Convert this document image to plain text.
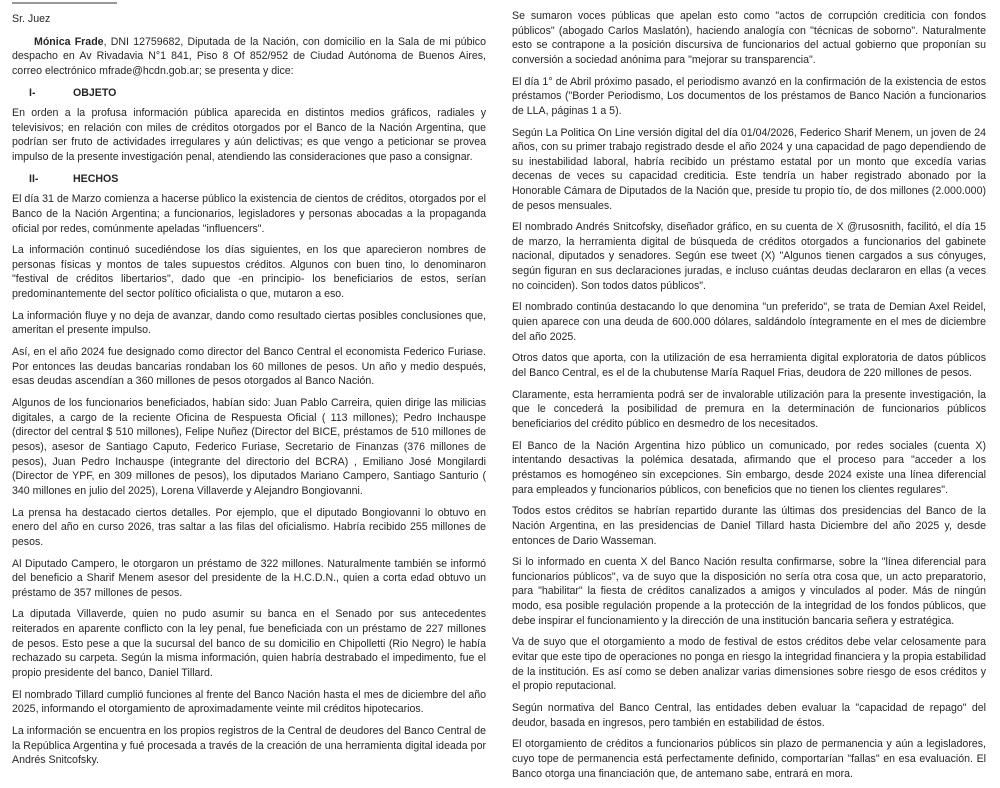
Sr. Juez

Mónica Frade, DNI 12759682, Diputada de la Nación, con domicilio en la Sala de mi púbico despacho en Av Rivadavia N°1 841, Piso 8 Of 852/952 de Ciudad Autónoma de Buenos Aires, correo electrónico mfrade@hcdn.gob.ar; se presenta y dice:

I-	OBJETO

En orden a la profusa información pública aparecida en distintos medios gráficos, radiales y televisivos; en relación con miles de créditos otorgados por el Banco de la Nación Argentina, que podrían ser fruto de actividades irregulares y aún delictivas; es que vengo a peticionar se provea impulso de la presente investigación penal, atendiendo las consideraciones que paso a consignar.

II-	HECHOS

El día 31 de Marzo comienza a hacerse público la existencia de cientos de créditos, otorgados por el Banco de la Nación Argentina; a funcionarios, legisladores y personas abocadas a la propaganda oficial por redes, comúnmente apeladas "influencers".

La información continuó sucediéndose los días siguientes, en los que aparecieron nombres de personas físicas y montos de tales supuestos créditos. Algunos con buen tino, lo denominaron "festival de créditos libertarios", dado que -en principio- los beneficiarios de estos, serían predominantemente del sector político oficialista o que, mutaron a eso.

La información fluye y no deja de avanzar, dando como resultado ciertas posibles conclusiones que, ameritan el presente impulso.

Así, en el año 2024 fue designado como director del Banco Central el economista Federico Furiase. Por entonces las deudas bancarias rondaban los 60 millones de pesos. Un año y medio después, esas deudas ascendían a 360 millones de pesos otorgados al Banco Nación.

Algunos de los funcionarios beneficiados, habían sido: Juan Pablo Carreira, quien dirige las milicias digitales, a cargo de la reciente Oficina de Respuesta Oficial ( 113 millones); Pedro Inchauspe (director del central $ 510 millones), Felipe Nuñez (Director del BICE, préstamos de 510 millones de pesos), asesor de Santiago Caputo, Federico Furiase, Secretario de Finanzas (376 millones de pesos), Juan Pedro Inchauspe (integrante del directorio del BCRA) , Emiliano José Mongilardi (Director de YPF, en 309 millones de pesos), los diputados Mariano Campero, Santiago Santurio ( 340 millones en julio del 2025), Lorena Villaverde y Alejandro Bongiovanni.

La prensa ha destacado ciertos detalles. Por ejemplo, que el diputado Bongiovanni lo obtuvo en enero del año en curso 2026, tras saltar a las filas del oficialismo. Habría recibido 255 millones de pesos.

Al Diputado Campero, le otorgaron un préstamo de 322 millones. Naturalmente también se informó del beneficio a Sharif Menem asesor del presidente de la H.C.D.N., quien a corta edad obtuvo un préstamo de 357 millones de pesos.

La diputada Villaverde, quien no pudo asumir su banca en el Senado por sus antecedentes reiterados en aparente conflicto con la ley penal, fue beneficiada con un préstamo de 227 millones de pesos. Esto pese a que la sucursal del banco de su domicilio en Chipolletti (Rio Negro) le había rechazado su carpeta. Según la misma información, quien habría destrabado el impedimento, fue el propio presidente del banco, Daniel Tillard.

El nombrado Tillard cumplió funciones al frente del Banco Nación hasta el mes de diciembre del año 2025, informando el otorgamiento de aproximadamente veinte mil créditos hipotecarios.

La información se encuentra en los propios registros de la Central de deudores del Banco Central de la República Argentina y fué procesada a través de la creación de una herramienta digital ideada por Andrés Snitcofsky.

Se sumaron voces públicas que apelan esto como "actos de corrupción crediticia con fondos públicos" (abogado Carlos Maslatón), haciendo analogía con "técnicas de soborno". Naturalmente esto se contrapone a la posición discursiva de funcionarios del actual gobierno que proponían su conversión a sociedad anónima para "mejorar su transparencia".

El día 1° de Abril próximo pasado, el periodismo avanzó en la confirmación de la existencia de estos préstamos ("Border Periodismo, Los documentos de los préstamos de Banco Nación a funcionarios de LLA, páginas 1 a 5).

Según La Politica On Line versión digital del día 01/04/2026, Federico Sharif Menem, un joven de 24 años, con su primer trabajo registrado desde el año 2024 y una capacidad de pago dependiendo de su inestabilidad laboral, habría recibido un préstamo estatal por un monto que excedía varias decenas de veces su capacidad crediticia. Este tendría un haber registrado abonado por la Honorable Cámara de Diputados de la Nación que, preside tu propio tío, de dos millones (2.000.000) de pesos mensuales.

El nombrado Andrés Snitcofsky, diseñador gráfico, en su cuenta de X @rusosnith, facilitó, el día 15 de marzo, la herramienta digital de búsqueda de créditos otorgados a funcionarios del gabinete nacional, diputados y senadores. Según ese tweet (X) "Algunos tienen cargados a sus cónyuges, según figuran en sus declaraciones juradas, e incluso cuántas deudas declararon en ellas (a veces no coinciden). Son todos datos públicos".

El nombrado continúa destacando lo que denomina "un preferido", se trata de Demian Axel Reidel, quien aparece con una deuda de 600.000 dólares, saldándolo íntegramente en el mes de diciembre del año 2025.

Otros datos que aporta, con la utilización de esa herramienta digital exploratoria de datos públicos del Banco Central, es el de la chubutense María Raquel Frias, deudora de 220 millones de pesos.

Claramente, esta herramienta podrá ser de invalorable utilización para la presente investigación, la que le concederá la posibilidad de premura en la determinación de funcionarios públicos beneficiarios del crédito público en desmedro de los necesitados.

El Banco de la Nación Argentina hizo público un comunicado, por redes sociales (cuenta X) intentando desactivas la polémica desatada, afirmando que el proceso para "acceder a los préstamos es homogéneo sin excepciones. Sin embargo, desde 2024 existe una línea diferencial para empleados y funcionarios públicos, con beneficios que no tienen los clientes regulares".

Todos estos créditos se habrían repartido durante las últimas dos presidencias del Banco de la Nación Argentina, en las presidencias de Daniel Tillard hasta Diciembre del año 2025 y, desde entonces de Dario Wasseman.

Si lo informado en cuenta X del Banco Nación resulta confirmarse, sobre la "línea diferencial para funcionarios públicos", va de suyo que la disposición no sería otra cosa que, un acto preparatorio, para "habilitar" la fiesta de créditos canalizados a amigos y vinculados al poder. Más de ningún modo, esa posible regulación propende a la protección de la integridad de los fondos públicos, que debe inspirar el funcionamiento y la dirección de una institución bancaria señera y estratégica.

Va de suyo que el otorgamiento a modo de festival de estos créditos debe velar celosamente para evitar que este tipo de operaciones no ponga en riesgo la integridad financiera y la propia estabilidad de la institución. Es así como se deben analizar varias dimensiones sobre riesgo de esos créditos y el propio reputacional.

Según normativa del Banco Central, las entidades deben evaluar la "capacidad de repago" del deudor, basada en ingresos, pero también en estabilidad de éstos.

El otorgamiento de créditos a funcionarios públicos sin plazo de permanencia y aún a legisladores, cuyo tope de permanencia está perfectamente definido, comportarían "fallas" en esa evaluación. El Banco otorga una financiación que, de antemano sabe, entrará en mora.
